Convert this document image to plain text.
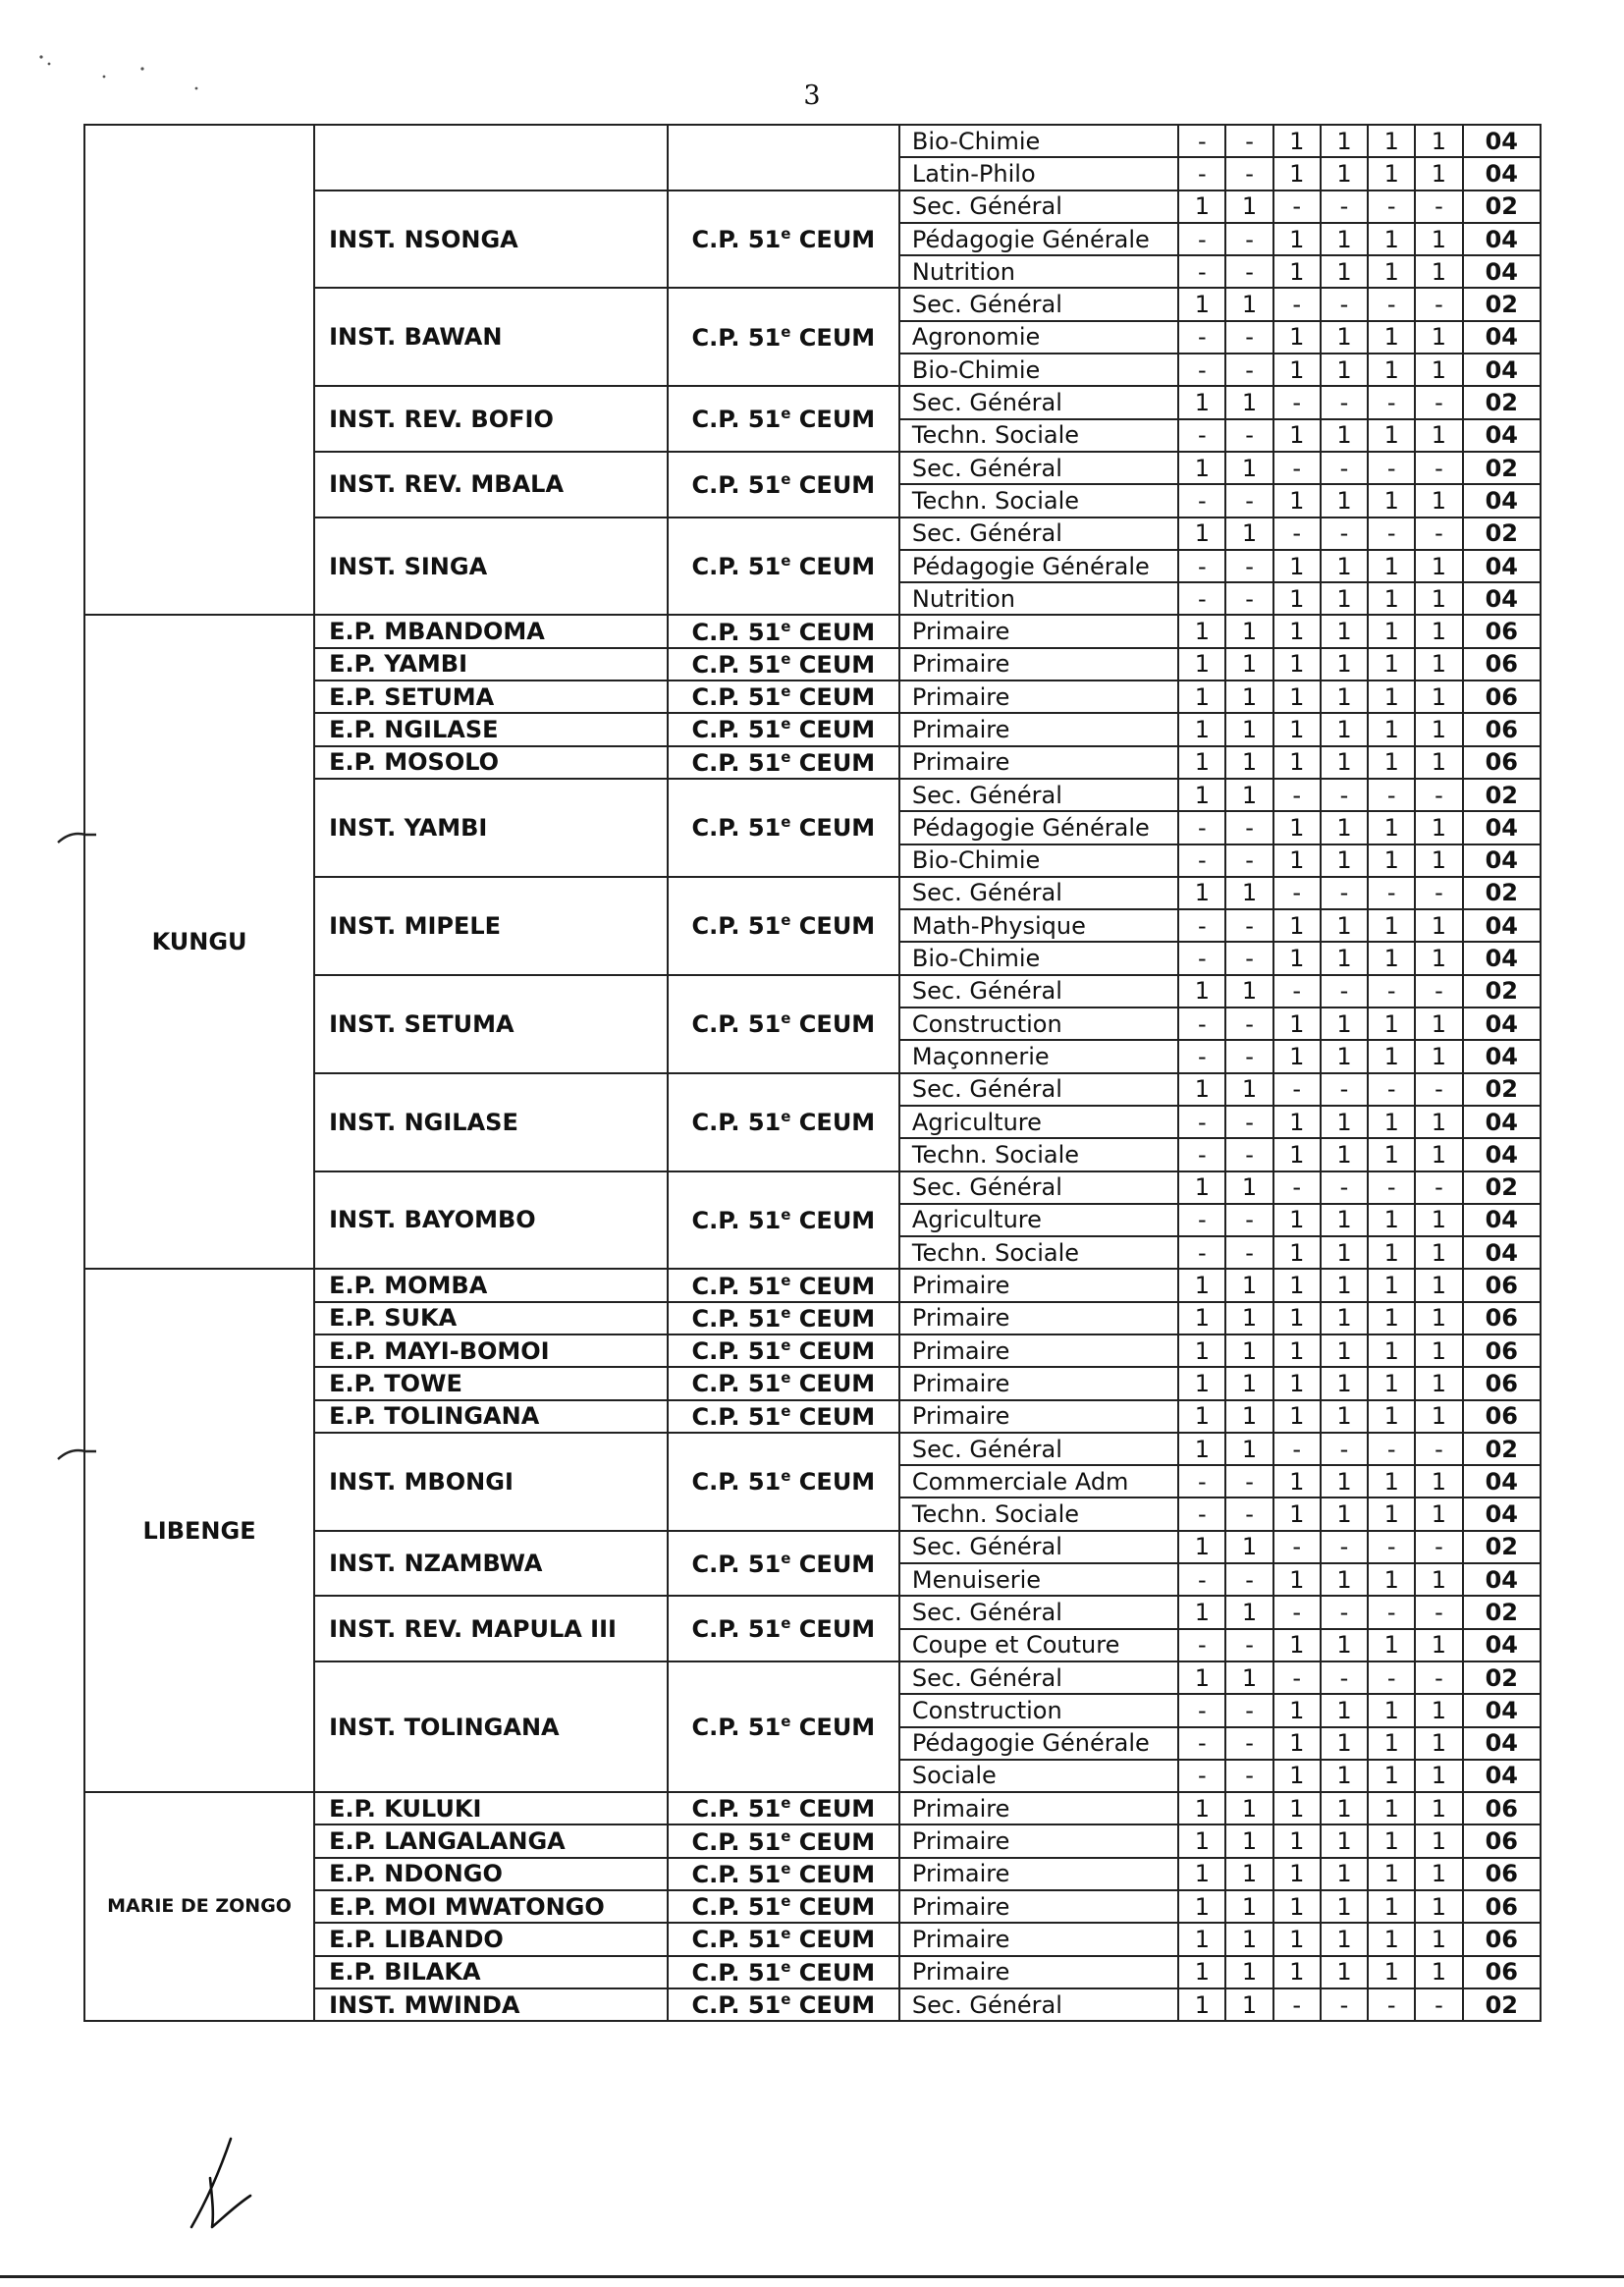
3
			Bio-Chimie	-	-	1	1	1	1	04
			Latin-Philo	-	-	1	1	1	1	04
	INST. NSONGA	C.P. 51e CEUM	Sec. Général	1	1	-	-	-	-	02
			Pédagogie Générale	-	-	1	1	1	1	04
			Nutrition	-	-	1	1	1	1	04
	INST. BAWAN	C.P. 51e CEUM	Sec. Général	1	1	-	-	-	-	02
			Agronomie	-	-	1	1	1	1	04
			Bio-Chimie	-	-	1	1	1	1	04
	INST. REV. BOFIO	C.P. 51e CEUM	Sec. Général	1	1	-	-	-	-	02
			Techn. Sociale	-	-	1	1	1	1	04
	INST. REV. MBALA	C.P. 51e CEUM	Sec. Général	1	1	-	-	-	-	02
			Techn. Sociale	-	-	1	1	1	1	04
	INST. SINGA	C.P. 51e CEUM	Sec. Général	1	1	-	-	-	-	02
			Pédagogie Générale	-	-	1	1	1	1	04
			Nutrition	-	-	1	1	1	1	04
KUNGU	E.P. MBANDOMA	C.P. 51e CEUM	Primaire	1	1	1	1	1	1	06
	E.P. YAMBI	C.P. 51e CEUM	Primaire	1	1	1	1	1	1	06
	E.P. SETUMA	C.P. 51e CEUM	Primaire	1	1	1	1	1	1	06
	E.P. NGILASE	C.P. 51e CEUM	Primaire	1	1	1	1	1	1	06
	E.P. MOSOLO	C.P. 51e CEUM	Primaire	1	1	1	1	1	1	06
	INST. YAMBI	C.P. 51e CEUM	Sec. Général	1	1	-	-	-	-	02
			Pédagogie Générale	-	-	1	1	1	1	04
			Bio-Chimie	-	-	1	1	1	1	04
	INST. MIPELE	C.P. 51e CEUM	Sec. Général	1	1	-	-	-	-	02
			Math-Physique	-	-	1	1	1	1	04
			Bio-Chimie	-	-	1	1	1	1	04
	INST. SETUMA	C.P. 51e CEUM	Sec. Général	1	1	-	-	-	-	02
			Construction	-	-	1	1	1	1	04
			Maçonnerie	-	-	1	1	1	1	04
	INST. NGILASE	C.P. 51e CEUM	Sec. Général	1	1	-	-	-	-	02
			Agriculture	-	-	1	1	1	1	04
			Techn. Sociale	-	-	1	1	1	1	04
	INST. BAYOMBO	C.P. 51e CEUM	Sec. Général	1	1	-	-	-	-	02
			Agriculture	-	-	1	1	1	1	04
			Techn. Sociale	-	-	1	1	1	1	04
LIBENGE	E.P. MOMBA	C.P. 51e CEUM	Primaire	1	1	1	1	1	1	06
	E.P. SUKA	C.P. 51e CEUM	Primaire	1	1	1	1	1	1	06
	E.P. MAYI-BOMOI	C.P. 51e CEUM	Primaire	1	1	1	1	1	1	06
	E.P. TOWE	C.P. 51e CEUM	Primaire	1	1	1	1	1	1	06
	E.P. TOLINGANA	C.P. 51e CEUM	Primaire	1	1	1	1	1	1	06
	INST. MBONGI	C.P. 51e CEUM	Sec. Général	1	1	-	-	-	-	02
			Commerciale Adm	-	-	1	1	1	1	04
			Techn. Sociale	-	-	1	1	1	1	04
	INST. NZAMBWA	C.P. 51e CEUM	Sec. Général	1	1	-	-	-	-	02
			Menuiserie	-	-	1	1	1	1	04
	INST. REV. MAPULA III	C.P. 51e CEUM	Sec. Général	1	1	-	-	-	-	02
			Coupe et Couture	-	-	1	1	1	1	04
	INST. TOLINGANA	C.P. 51e CEUM	Sec. Général	1	1	-	-	-	-	02
			Construction	-	-	1	1	1	1	04
			Pédagogie Générale	-	-	1	1	1	1	04
			Sociale	-	-	1	1	1	1	04
MARIE DE ZONGO	E.P. KULUKI	C.P. 51e CEUM	Primaire	1	1	1	1	1	1	06
	E.P. LANGALANGA	C.P. 51e CEUM	Primaire	1	1	1	1	1	1	06
	E.P. NDONGO	C.P. 51e CEUM	Primaire	1	1	1	1	1	1	06
	E.P. MOI MWATONGO	C.P. 51e CEUM	Primaire	1	1	1	1	1	1	06
	E.P. LIBANDO	C.P. 51e CEUM	Primaire	1	1	1	1	1	1	06
	E.P. BILAKA	C.P. 51e CEUM	Primaire	1	1	1	1	1	1	06
	INST. MWINDA	C.P. 51e CEUM	Sec. Général	1	1	-	-	-	-	02
